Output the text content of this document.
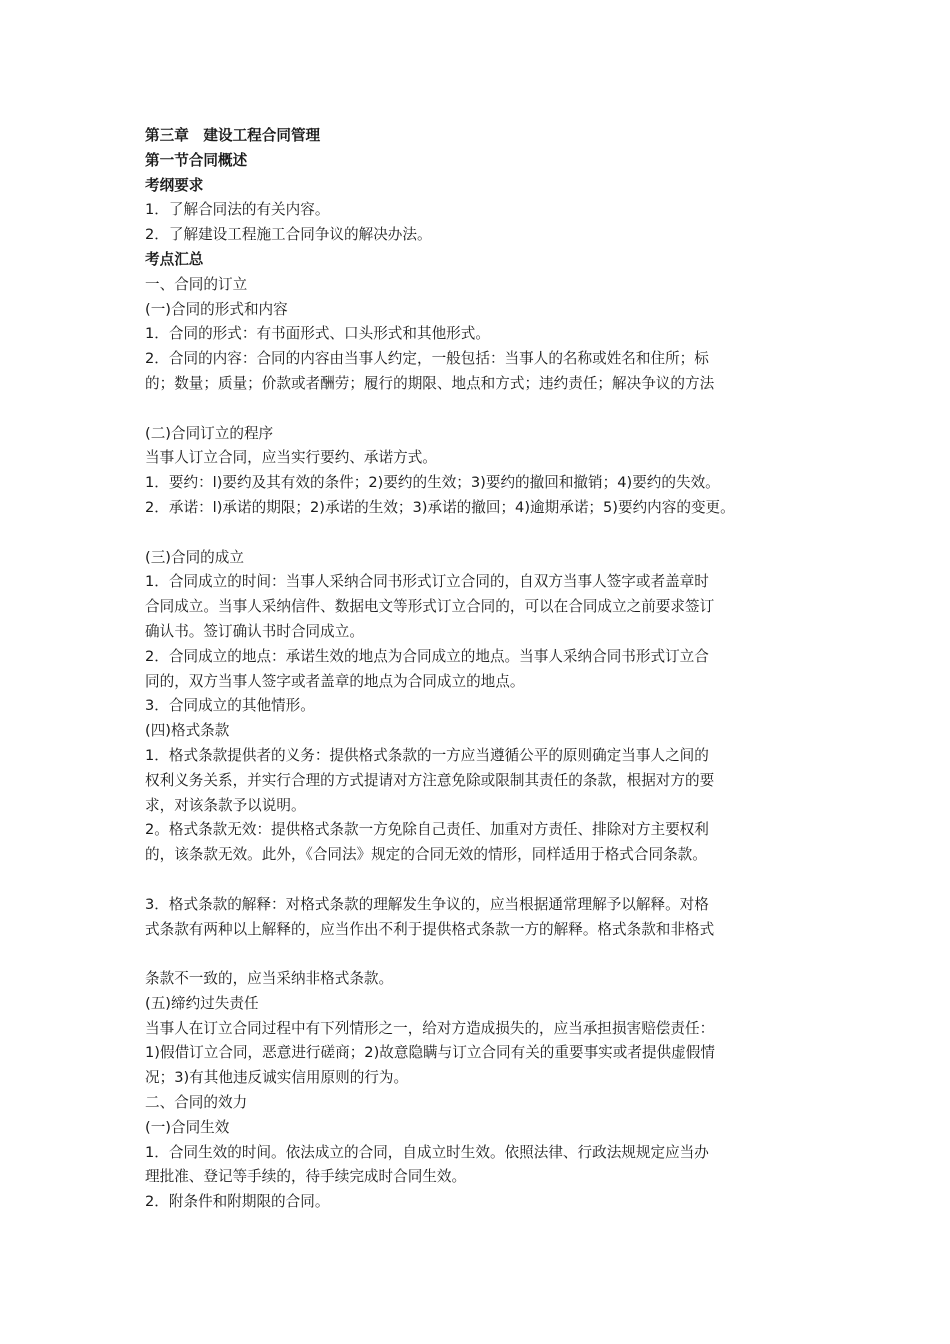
第三章　建设工程合同管理
第一节合同概述
考纲要求
1．了解合同法的有关内容。
2．了解建设工程施工合同争议的解决办法。
考点汇总
一、合同的订立
(一)合同的形式和内容
1．合同的形式：有书面形式、口头形式和其他形式。
2．合同的内容：合同的内容由当事人约定，一般包括：当事人的名称或姓名和住所；标
的；数量；质量；价款或者酬劳；履行的期限、地点和方式；违约责任；解决争议的方法
(二)合同订立的程序
当事人订立合同，应当实行要约、承诺方式。
1．要约：l)要约及其有效的条件；2)要约的生效；3)要约的撤回和撤销；4)要约的失效。
2．承诺：l)承诺的期限；2)承诺的生效；3)承诺的撤回；4)逾期承诺；5)要约内容的变更。
(三)合同的成立
1．合同成立的时间：当事人采纳合同书形式订立合同的，自双方当事人签字或者盖章时
合同成立。当事人采纳信件、数据电文等形式订立合同的，可以在合同成立之前要求签订
确认书。签订确认书时合同成立。
2．合同成立的地点：承诺生效的地点为合同成立的地点。当事人采纳合同书形式订立合
同的，双方当事人签字或者盖章的地点为合同成立的地点。
3．合同成立的其他情形。
(四)格式条款
1．格式条款提供者的义务：提供格式条款的一方应当遵循公平的原则确定当事人之间的
权利义务关系，并实行合理的方式提请对方注意免除或限制其责任的条款，根据对方的要
求，对该条款予以说明。
2。格式条款无效：提供格式条款一方免除自己责任、加重对方责任、排除对方主要权利
的，该条款无效。此外，《合同法》规定的合同无效的情形，同样适用于格式合同条款。
3．格式条款的解释：对格式条款的理解发生争议的，应当根据通常理解予以解释。对格
式条款有两种以上解释的，应当作出不利于提供格式条款一方的解释。格式条款和非格式
条款不一致的，应当采纳非格式条款。
(五)缔约过失责任
当事人在订立合同过程中有下列情形之一，给对方造成损失的，应当承担损害赔偿责任：
1)假借订立合同，恶意进行磋商；2)故意隐瞒与订立合同有关的重要事实或者提供虚假情
况；3)有其他违反诚实信用原则的行为。
二、合同的效力
(一)合同生效
1．合同生效的时间。依法成立的合同，自成立时生效。依照法律、行政法规规定应当办
理批准、登记等手续的，待手续完成时合同生效。
2．附条件和附期限的合同。
